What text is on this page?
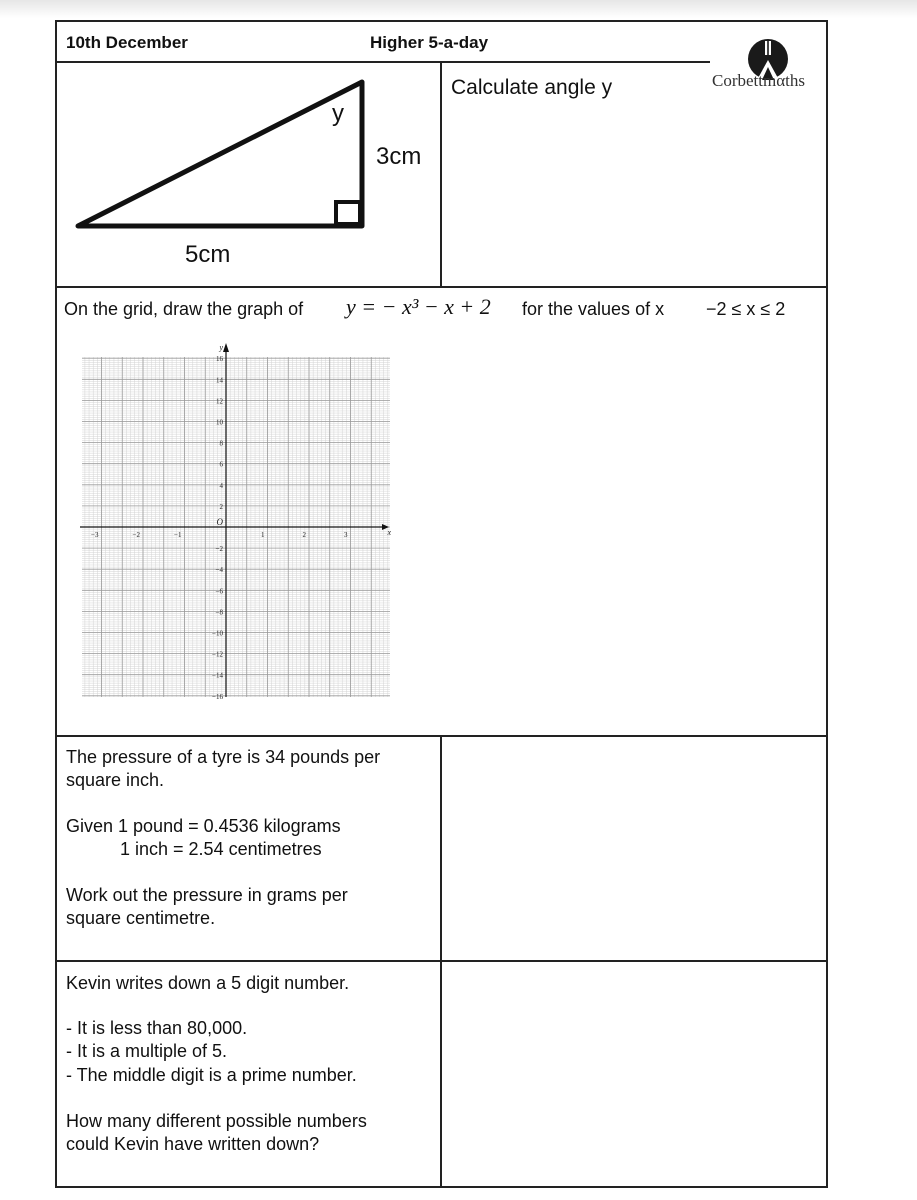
10th December	Higher 5-a-day
Corbettmαths
y
3cm
5cm
Calculate angle y
On the grid, draw the graph of y = − x³ − x + 2 for the values of x −2 ≤ x ≤ 2
−3	−2	−1	1	2	3
16
14
12
10
8
6
4
2
−2
−4
−6
−8
−10
−12
−14
−16
O
x
y
The pressure of a tyre is 34 pounds per
square inch.
Given 1 pound = 0.4536 kilograms
1 inch = 2.54 centimetres
Work out the pressure in grams per
square centimetre.
Kevin writes down a 5 digit number.
- It is less than 80,000.
- It is a multiple of 5.
- The middle digit is a prime number.
How many different possible numbers
could Kevin have written down?
